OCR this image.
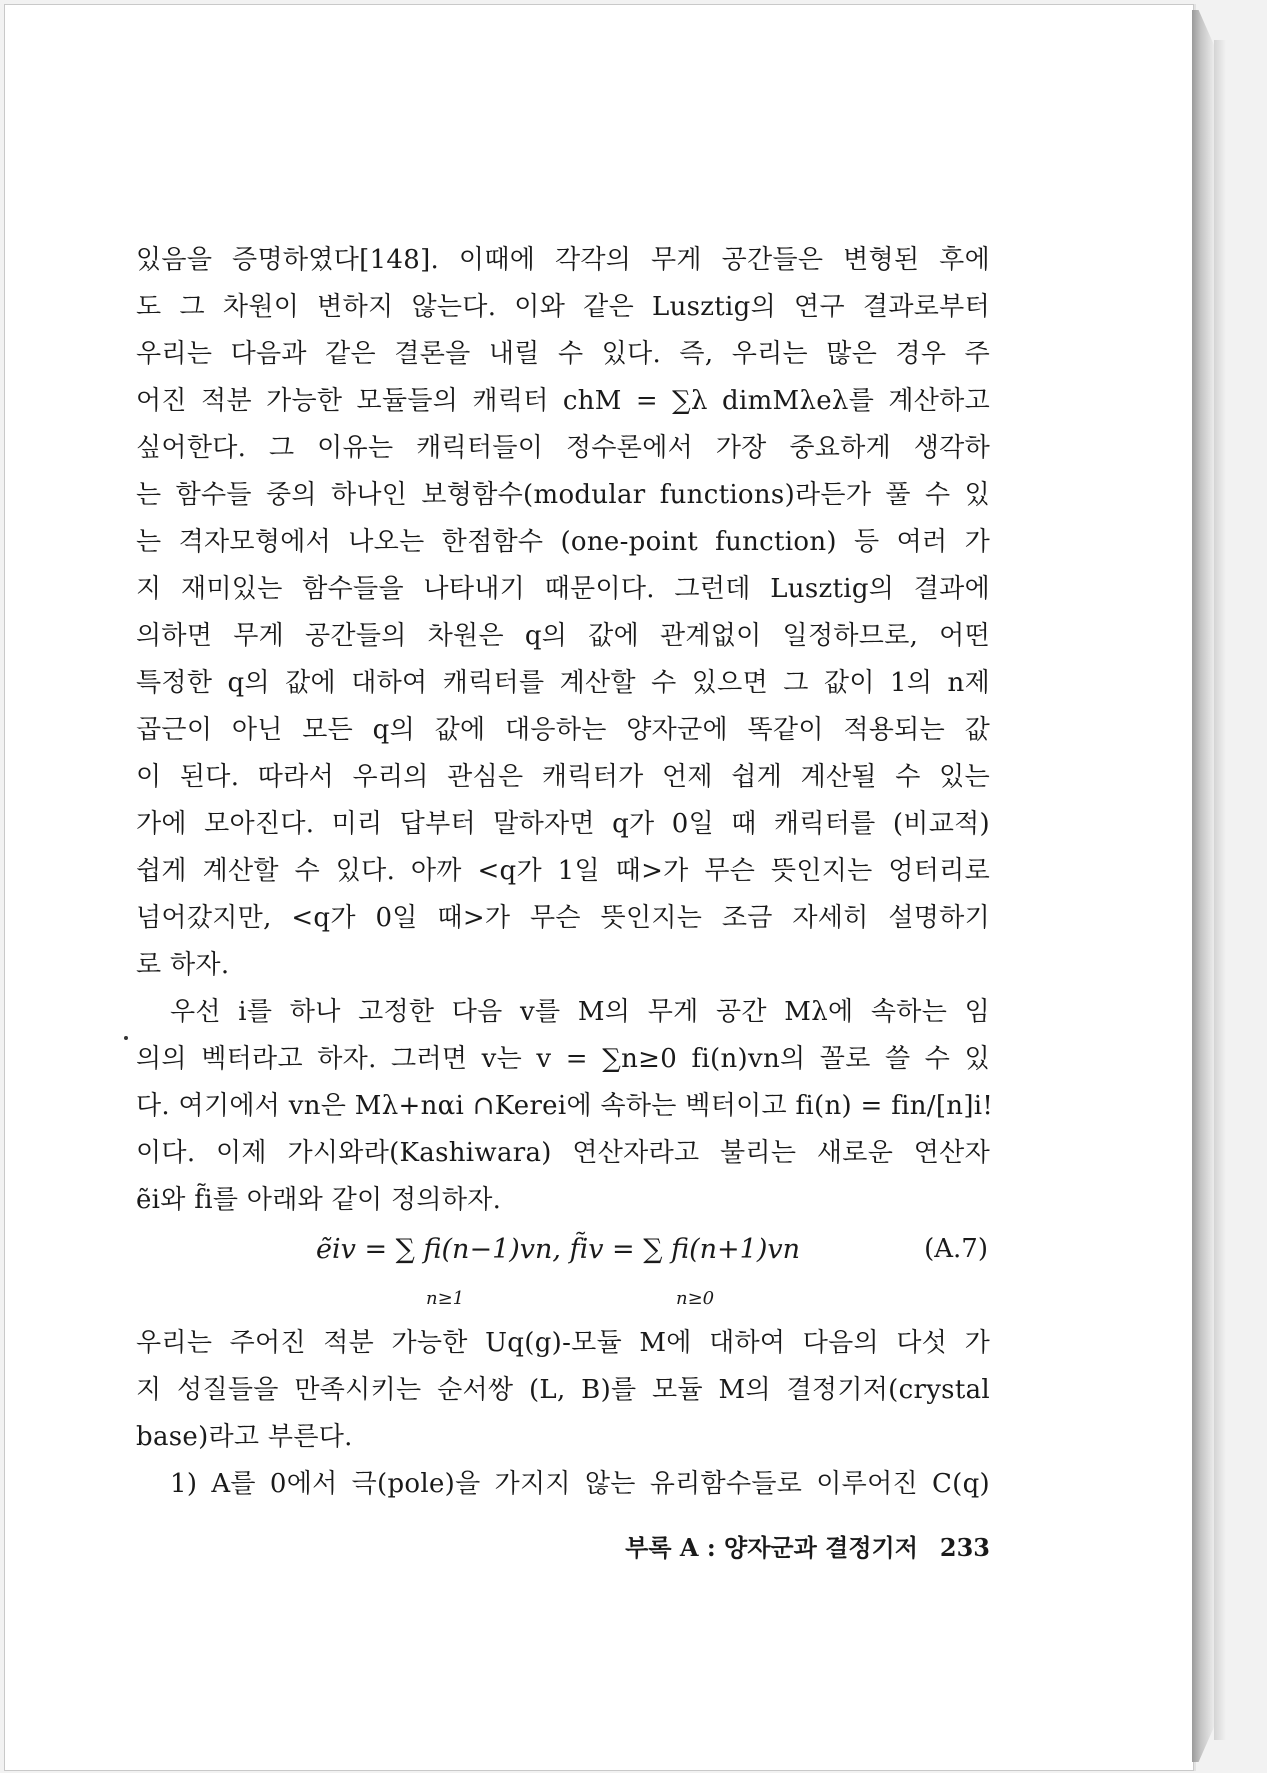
있음을 증명하였다[148]. 이때에 각각의 무게 공간들은 변형된 후에
도 그 차원이 변하지 않는다. 이와 같은 Lusztig의 연구 결과로부터
우리는 다음과 같은 결론을 내릴 수 있다. 즉, 우리는 많은 경우 주
어진 적분 가능한 모듈들의 캐릭터 chM = ∑λ dimMλeλ를 계산하고
싶어한다. 그 이유는 캐릭터들이 정수론에서 가장 중요하게 생각하
는 함수들 중의 하나인 보형함수(modular functions)라든가 풀 수 있
는 격자모형에서 나오는 한점함수 (one-point function) 등 여러 가
지 재미있는 함수들을 나타내기 때문이다. 그런데 Lusztig의 결과에
의하면 무게 공간들의 차원은 q의 값에 관계없이 일정하므로, 어떤
특정한 q의 값에 대하여 캐릭터를 계산할 수 있으면 그 값이 1의 n제
곱근이 아닌 모든 q의 값에 대응하는 양자군에 똑같이 적용되는 값
이 된다. 따라서 우리의 관심은 캐릭터가 언제 쉽게 계산될 수 있는
가에 모아진다. 미리 답부터 말하자면 q가 0일 때 캐릭터를 (비교적)
쉽게 계산할 수 있다. 아까 <q가 1일 때>가 무슨 뜻인지는 엉터리로
넘어갔지만, <q가 0일 때>가 무슨 뜻인지는 조금 자세히 설명하기
로 하자.
우선 i를 하나 고정한 다음 v를 M의 무게 공간 Mλ에 속하는 임
의의 벡터라고 하자. 그러면 v는 v = ∑n≥0 fi(n)vn의 꼴로 쓸 수 있
다. 여기에서 vn은 Mλ+nαi ∩Kerei에 속하는 벡터이고 fi(n) = fin/[n]i!
이다. 이제 가시와라(Kashiwara) 연산자라고 불리는 새로운 연산자
ẽi와 f̃i를 아래와 같이 정의하자.
ẽiv = ∑ fi(n−1)vn, f̃iv = ∑ fi(n+1)vn
n≥1	n≥0
(A.7)
우리는 주어진 적분 가능한 Uq(g)-모듈 M에 대하여 다음의 다섯 가
지 성질들을 만족시키는 순서쌍 (L, B)를 모듈 M의 결정기저(crystal
base)라고 부른다.
1) A를 0에서 극(pole)을 가지지 않는 유리함수들로 이루어진 C(q)
부록 A : 양자군과 결정기저 233
